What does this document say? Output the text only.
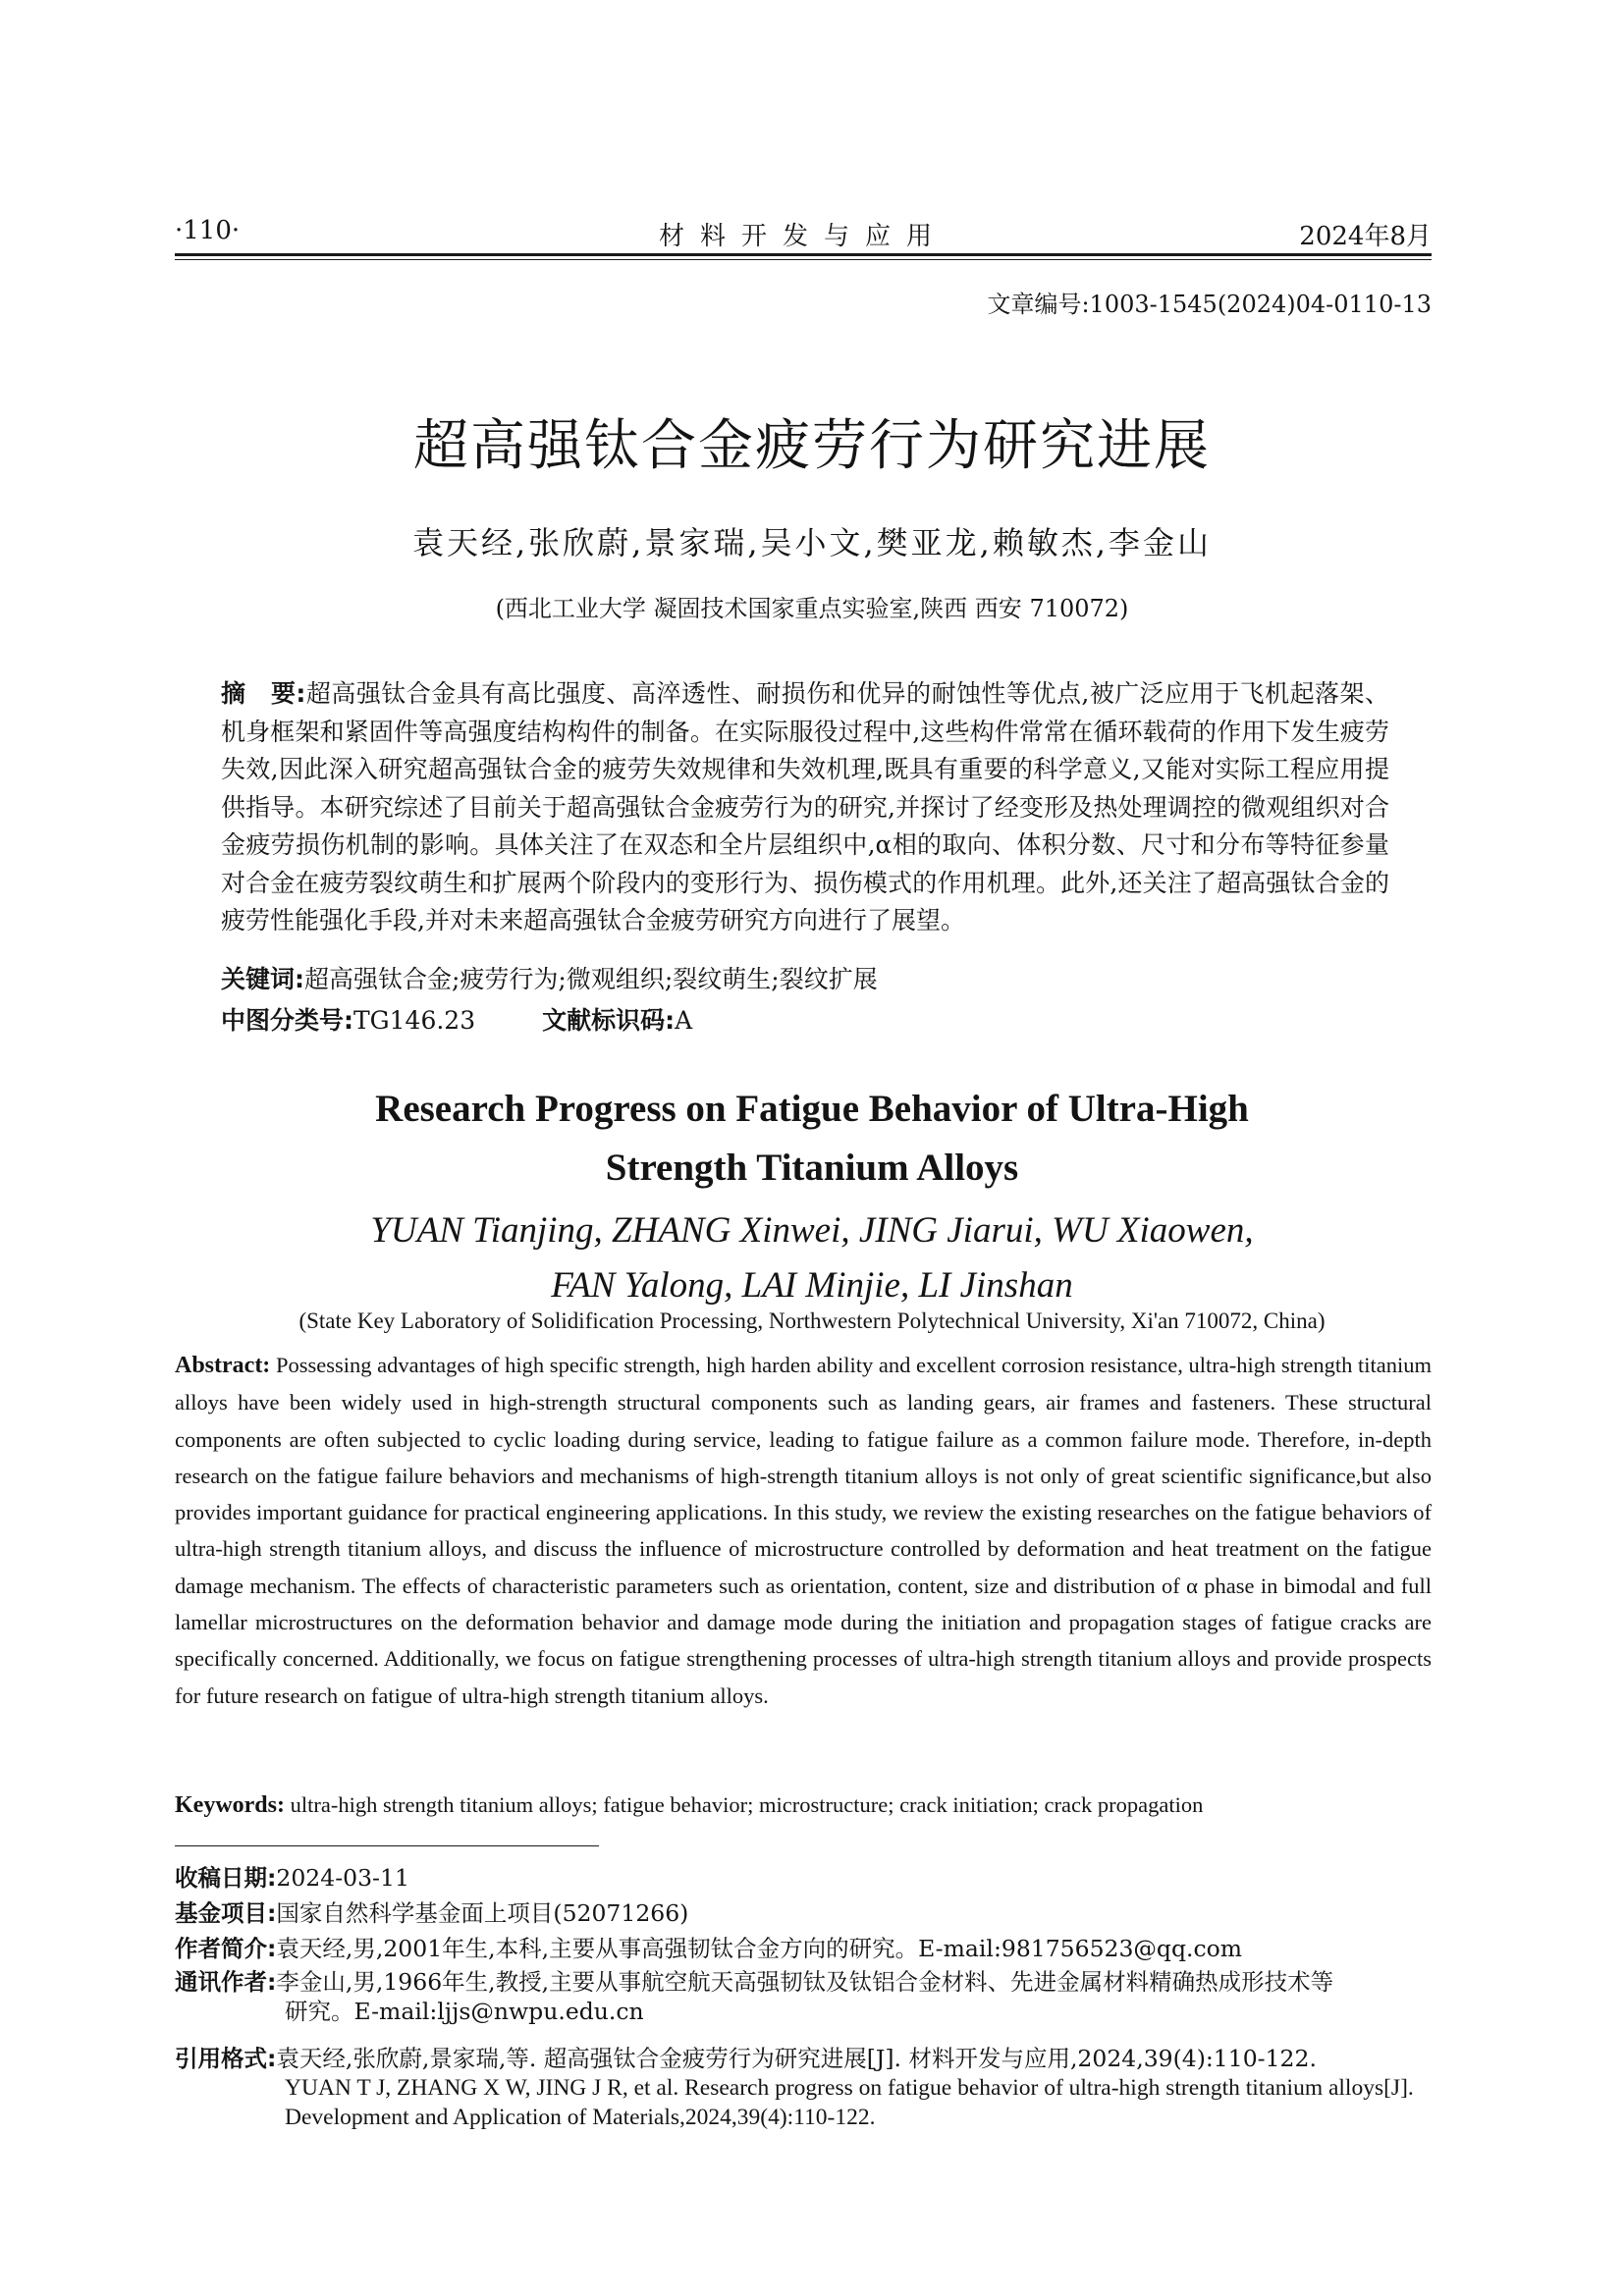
·110·	材料开发与应用	2024年8月
文章编号:1003-1545(2024)04-0110-13
超高强钛合金疲劳行为研究进展
袁天经,张欣蔚,景家瑞,吴小文,樊亚龙,赖敏杰,李金山
(西北工业大学 凝固技术国家重点实验室,陕西 西安 710072)
摘　要:超高强钛合金具有高比强度、高淬透性、耐损伤和优异的耐蚀性等优点,被广泛应用于飞机起落架、机身框架和紧固件等高强度结构构件的制备。在实际服役过程中,这些构件常常在循环载荷的作用下发生疲劳失效,因此深入研究超高强钛合金的疲劳失效规律和失效机理,既具有重要的科学意义,又能对实际工程应用提供指导。本研究综述了目前关于超高强钛合金疲劳行为的研究,并探讨了经变形及热处理调控的微观组织对合金疲劳损伤机制的影响。具体关注了在双态和全片层组织中,α相的取向、体积分数、尺寸和分布等特征参量对合金在疲劳裂纹萌生和扩展两个阶段内的变形行为、损伤模式的作用机理。此外,还关注了超高强钛合金的疲劳性能强化手段,并对未来超高强钛合金疲劳研究方向进行了展望。
关键词:超高强钛合金;疲劳行为;微观组织;裂纹萌生;裂纹扩展
中图分类号:TG146.23	文献标识码:A
Research Progress on Fatigue Behavior of Ultra-High
Strength Titanium Alloys
YUAN Tianjing, ZHANG Xinwei, JING Jiarui, WU Xiaowen,
FAN Yalong, LAI Minjie, LI Jinshan
(State Key Laboratory of Solidification Processing, Northwestern Polytechnical University, Xi'an 710072, China)
Abstract: Possessing advantages of high specific strength, high harden ability and excellent corrosion resistance, ultra-high strength titanium alloys have been widely used in high-strength structural components such as landing gears, air frames and fasteners. These structural components are often subjected to cyclic loading during service, leading to fatigue failure as a common failure mode. Therefore, in-depth research on the fatigue failure behaviors and mechanisms of high-strength titanium alloys is not only of great scientific significance,but also provides important guidance for practical engineering applications. In this study, we review the existing researches on the fatigue behaviors of ultra-high strength titanium alloys, and discuss the influence of microstructure controlled by deformation and heat treatment on the fatigue damage mechanism. The effects of characteristic parameters such as orientation, content, size and distribution of α phase in bimodal and full lamellar microstructures on the deformation behavior and damage mode during the initiation and propagation stages of fatigue cracks are specifically concerned. Additionally, we focus on fatigue strengthening processes of ultra-high strength titanium alloys and provide prospects for future research on fatigue of ultra-high strength titanium alloys.
Keywords: ultra-high strength titanium alloys; fatigue behavior; microstructure; crack initiation; crack propagation
收稿日期:2024-03-11
基金项目:国家自然科学基金面上项目(52071266)
作者简介:袁天经,男,2001年生,本科,主要从事高强韧钛合金方向的研究。E-mail:981756523@qq.com
通讯作者:李金山,男,1966年生,教授,主要从事航空航天高强韧钛及钛铝合金材料、先进金属材料精确热成形技术等
研究。E-mail:ljjs@nwpu.edu.cn
引用格式:袁天经,张欣蔚,景家瑞,等. 超高强钛合金疲劳行为研究进展[J]. 材料开发与应用,2024,39(4):110-122.
YUAN T J, ZHANG X W, JING J R, et al. Research progress on fatigue behavior of ultra-high strength titanium alloys[J]. Development and Application of Materials,2024,39(4):110-122.
